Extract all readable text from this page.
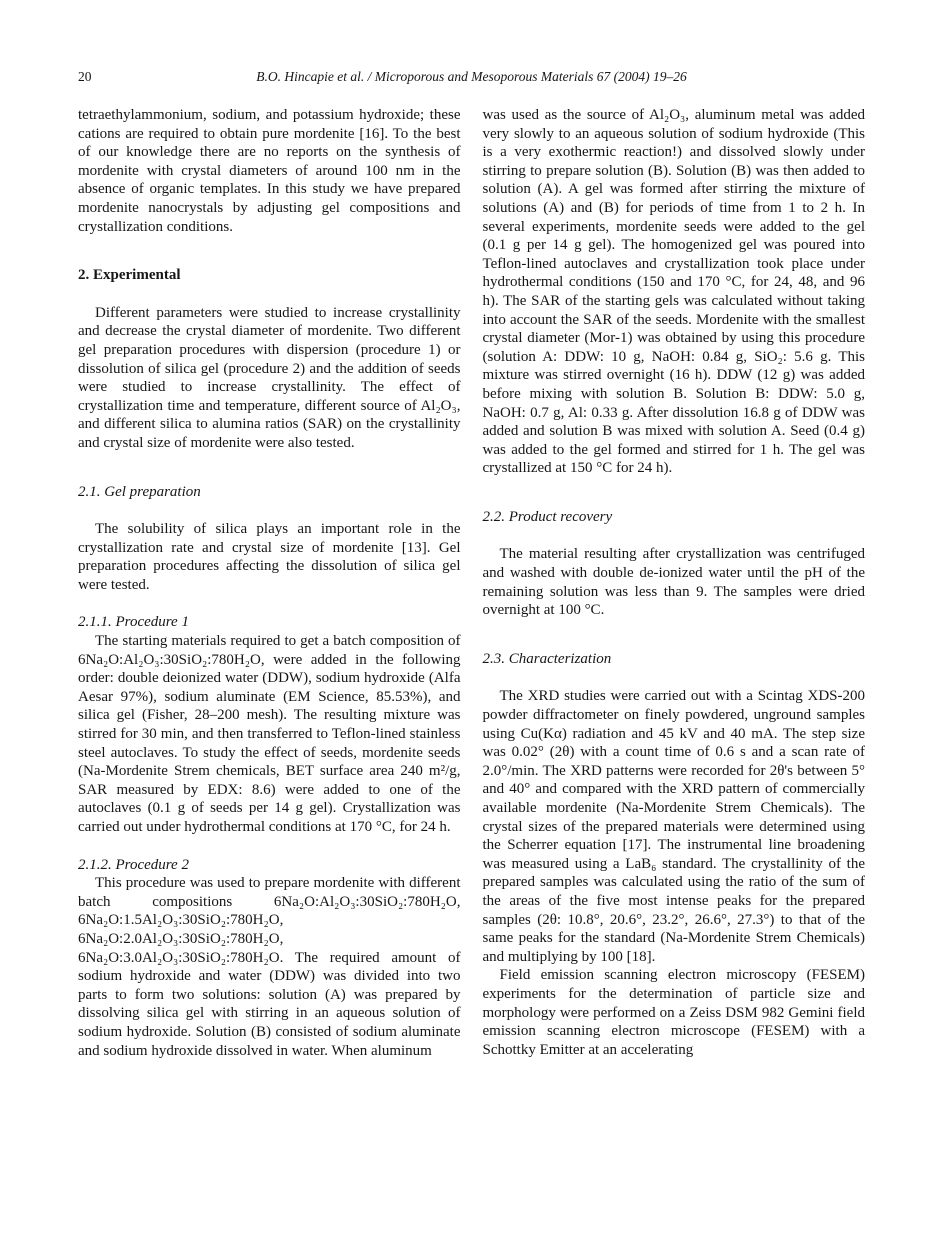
20	B.O. Hincapie et al. / Microporous and Mesoporous Materials 67 (2004) 19–26

tetraethylammonium, sodium, and potassium hydroxide; these cations are required to obtain pure mordenite [16]. To the best of our knowledge there are no reports on the synthesis of mordenite with crystal diameters of around 100 nm in the absence of organic templates. In this study we have prepared mordenite nanocrystals by adjusting gel compositions and crystallization conditions.

2. Experimental

Different parameters were studied to increase crystallinity and decrease the crystal diameter of mordenite. Two different gel preparation procedures with dispersion (procedure 1) or dissolution of silica gel (procedure 2) and the addition of seeds were studied to increase crystallinity. The effect of crystallization time and temperature, different source of Al₂O₃, and different silica to alumina ratios (SAR) on the crystallinity and crystal size of mordenite were also tested.

2.1. Gel preparation

The solubility of silica plays an important role in the crystallization rate and crystal size of mordenite [13]. Gel preparation procedures affecting the dissolution of silica gel were tested.

2.1.1. Procedure 1

The starting materials required to get a batch composition of 6Na₂O:Al₂O₃:30SiO₂:780H₂O, were added in the following order: double deionized water (DDW), sodium hydroxide (Alfa Aesar 97%), sodium aluminate (EM Science, 85.53%), and silica gel (Fisher, 28–200 mesh). The resulting mixture was stirred for 30 min, and then transferred to Teflon-lined stainless steel autoclaves. To study the effect of seeds, mordenite seeds (Na-Mordenite Strem chemicals, BET surface area 240 m²/g, SAR measured by EDX: 8.6) were added to one of the autoclaves (0.1 g of seeds per 14 g gel). Crystallization was carried out under hydrothermal conditions at 170 °C, for 24 h.

2.1.2. Procedure 2

This procedure was used to prepare mordenite with different batch compositions 6Na₂O:Al₂O₃:30SiO₂:780H₂O, 6Na₂O:1.5Al₂O₃:30SiO₂:780H₂O, 6Na₂O:2.0Al₂O₃:30SiO₂:780H₂O, 6Na₂O:3.0Al₂O₃:30SiO₂:780H₂O. The required amount of sodium hydroxide and water (DDW) was divided into two parts to form two solutions: solution (A) was prepared by dissolving silica gel with stirring in an aqueous solution of sodium hydroxide. Solution (B) consisted of sodium aluminate and sodium hydroxide dissolved in water. When aluminum

was used as the source of Al₂O₃, aluminum metal was added very slowly to an aqueous solution of sodium hydroxide (This is a very exothermic reaction!) and dissolved slowly under stirring to prepare solution (B). Solution (B) was then added to solution (A). A gel was formed after stirring the mixture of solutions (A) and (B) for periods of time from 1 to 2 h. In several experiments, mordenite seeds were added to the gel (0.1 g per 14 g gel). The homogenized gel was poured into Teflon-lined autoclaves and crystallization took place under hydrothermal conditions (150 and 170 °C, for 24, 48, and 96 h). The SAR of the starting gels was calculated without taking into account the SAR of the seeds. Mordenite with the smallest crystal diameter (Mor-1) was obtained by using this procedure (solution A: DDW: 10 g, NaOH: 0.84 g, SiO₂: 5.6 g. This mixture was stirred overnight (16 h). DDW (12 g) was added before mixing with solution B. Solution B: DDW: 5.0 g, NaOH: 0.7 g, Al: 0.33 g. After dissolution 16.8 g of DDW was added and solution B was mixed with solution A. Seed (0.4 g) was added to the gel formed and stirred for 1 h. The gel was crystallized at 150 °C for 24 h).

2.2. Product recovery

The material resulting after crystallization was centrifuged and washed with double de-ionized water until the pH of the remaining solution was less than 9. The samples were dried overnight at 100 °C.

2.3. Characterization

The XRD studies were carried out with a Scintag XDS-200 powder diffractometer on finely powdered, unground samples using Cu(Kα) radiation and 45 kV and 40 mA. The step size was 0.02° (2θ) with a count time of 0.6 s and a scan rate of 2.0°/min. The XRD patterns were recorded for 2θ's between 5° and 40° and compared with the XRD pattern of commercially available mordenite (Na-Mordenite Strem Chemicals). The crystal sizes of the prepared materials were determined using the Scherrer equation [17]. The instrumental line broadening was measured using a LaB₆ standard. The crystallinity of the prepared samples was calculated using the ratio of the sum of the areas of the five most intense peaks for the prepared samples (2θ: 10.8°, 20.6°, 23.2°, 26.6°, 27.3°) to that of the same peaks for the standard (Na-Mordenite Strem Chemicals) and multiplying by 100 [18].

Field emission scanning electron microscopy (FESEM) experiments for the determination of particle size and morphology were performed on a Zeiss DSM 982 Gemini field emission scanning electron microscope (FESEM) with a Schottky Emitter at an accelerating
